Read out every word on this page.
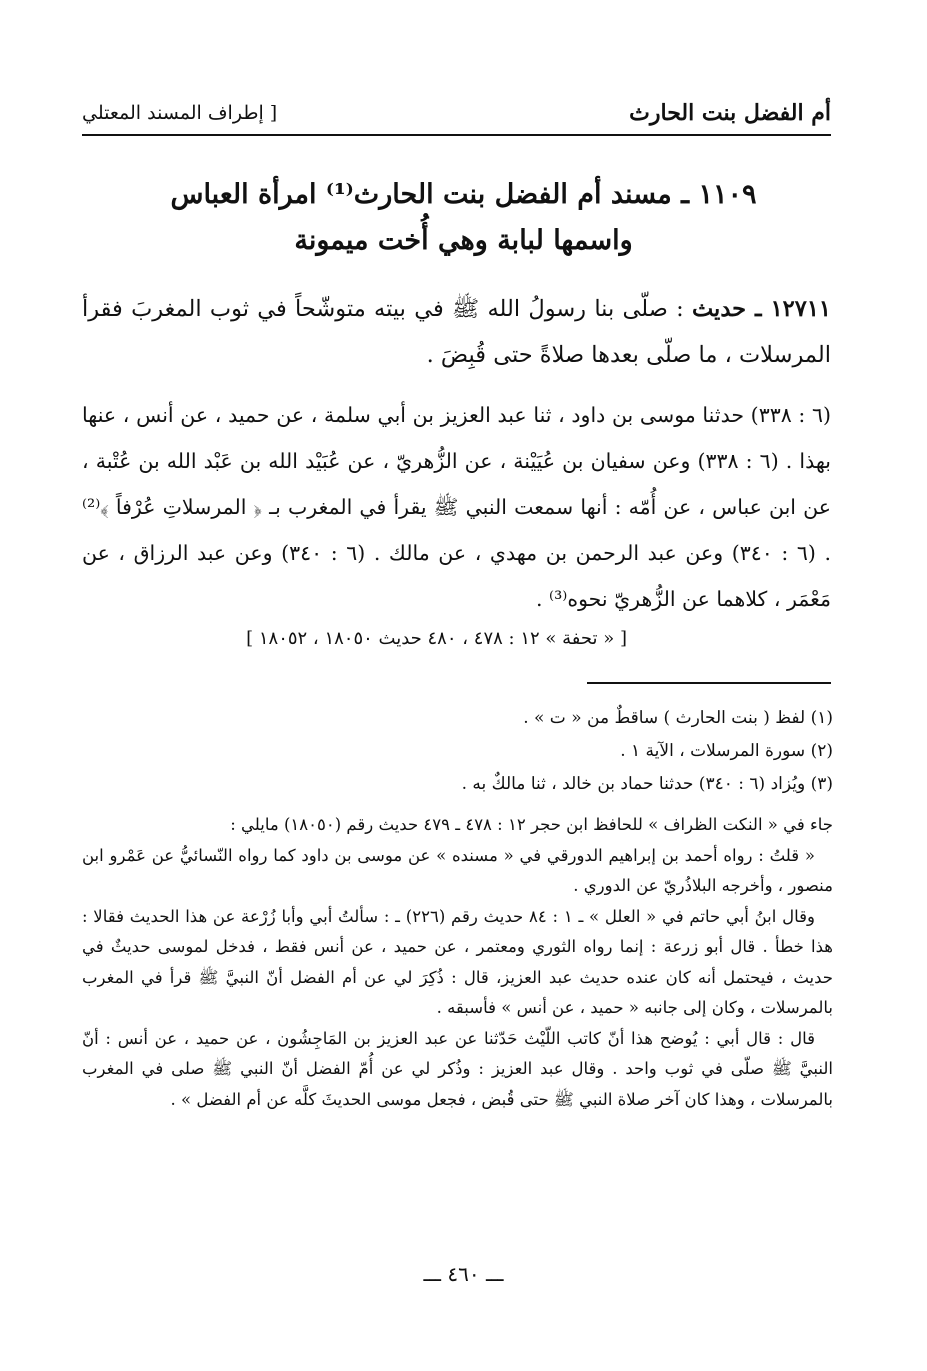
أم الفضل بنت الحارث
[ إطراف المسند المعتلي
١١٠٩ ـ مسند أم الفضل بنت الحارث⁽¹⁾ امرأة العباس
واسمها لبابة وهي أُخت ميمونة
١٢٧١١ ـ حديث : صلّى بنا رسولُ الله ﷺ في بيته متوشّحاً في ثوب المغربَ فقرأ المرسلات ، ما صلّى بعدها صلاةً حتى قُبِضَ .
(٦ : ٣٣٨) حدثنا موسى بن داود ، ثنا عبد العزيز بن أبي سلمة ، عن حميد ، عن أنس ، عنها بهذا . (٦ : ٣٣٨) وعن سفيان بن عُيَيْنة ، عن الزُّهريّ ، عن عُبَيْد الله بن عَبْد الله بن عُتْبة ، عن ابن عباس ، عن أُمّه : أنها سمعت النبي ﷺ يقرأ في المغرب بـ ﴿ المرسلاتِ عُرْفاً ﴾⁽²⁾ . (٦ : ٣٤٠) وعن عبد الرحمن بن مهدي ، عن مالك . (٦ : ٣٤٠) وعن عبد الرزاق ، عن مَعْمَر ، كلاهما عن الزُّهريّ نحوه⁽³⁾ .
[ « تحفة » ١٢ : ٤٧٨ ، ٤٨٠ حديث ١٨٠٥٠ ، ١٨٠٥٢ ]

(١) لفظ ( بنت الحارث ) ساقطٌ من « ت » .

(٢) سورة المرسلات ، الآية ١ .

(٣) ويُزاد (٦ : ٣٤٠) حدثنا حماد بن خالد ، ثنا مالكٌ به .

جاء في « النكت الظراف » للحافظ ابن حجر ١٢ : ٤٧٨ ـ ٤٧٩ حديث رقم (١٨٠٥٠) مايلي :

« قلتُ : رواه أحمد بن إبراهيم الدورقي في « مسنده » عن موسى بن داود كما رواه النّسائيُّ عن عَمْرو ابن منصور ، وأخرجه البلاذُريّ عن الدوري .

وقال ابنُ أبي حاتم في « العلل » ـ ١ : ٨٤ حديث رقم (٢٢٦) ـ : سألتُ أبي وأبا زُرْعة عن هذا الحديث فقالا : هذا خطأ . قال أبو زرعة : إنما رواه الثوري ومعتمر ، عن حميد ، عن أنس فقط ، فدخل لموسى حديثٌ في حديث ، فيحتمل أنه كان عنده حديث عبد العزيز، قال : ذُكِرَ لي عن أم الفضل أنّ النبيَّ ﷺ قرأ في المغرب بالمرسلات ، وكان إلى جانبه « حميد ، عن أنس » فأسبقه .

قال : قال أبي : يُوضح هذا أنّ كاتب اللّيْث حَدّثنا عن عبد العزيز بن المَاجِشُون ، عن حميد ، عن أنس : أنّ النبيَّ ﷺ صلّى في ثوب واحد . وقال عبد العزيز : وذُكر لي عن أُمّ الفضل أنّ النبي ﷺ صلى في المغرب بالمرسلات ، وهذا كان آخر صلاة النبي ﷺ حتى قُبض ، فجعل موسى الحديثَ كلَّه عن أم الفضل » .

ـــ ٤٦٠ ـــ
